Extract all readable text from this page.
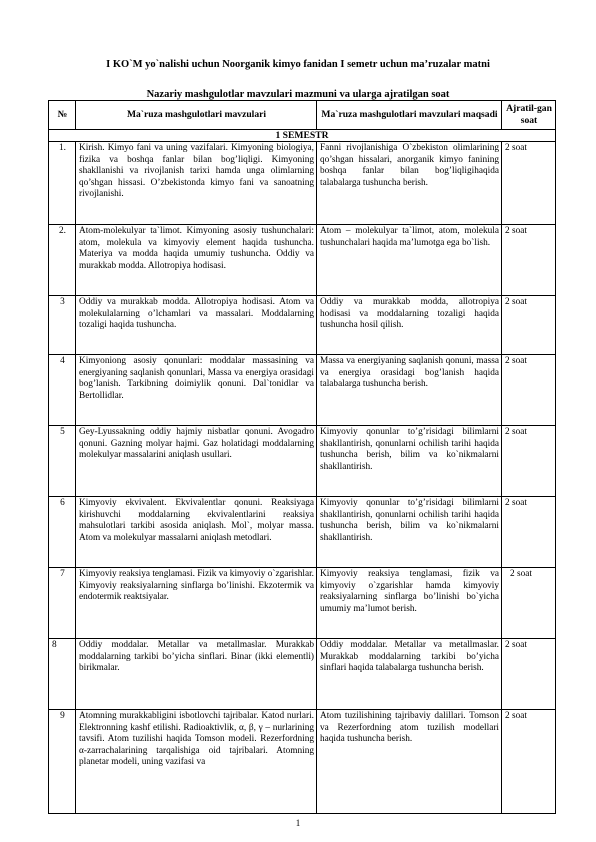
I KO`M yo`nalishi uchun Noorganik kimyo fanidan I semetr uchun ma’ruzalar matni
Nazariy mashgulotlar mavzulari mazmuni va ularga ajratilgan soat
№	Ma`ruza mashgulotlari mavzulari	Ma`ruza mashgulotlari mavzulari maqsadi	Ajratil-gan soat
1 SEMESTR			
1.	Kirish. Kimyo fani va uning vazifalari. Kimyoning biologiya, fizika va boshqa fanlar bilan bog’liqligi. Kimyoning shakllanishi va rivojlanish tarixi hamda unga olimlarning qo’shgan hissasi. O’zbekistonda kimyo fani va sanoatning rivojlanishi.	Fanni rivojlanishiga O`zbekiston olimlarining qo’shgan hissalari, anorganik kimyo fanining boshqa fanlar bilan bog’liqligihaqida talabalarga tushuncha berish.	2 soat
2.	Atom-molekulyar ta`limot. Kimyoning asosiy tushunchalari: atom, molekula va kimyoviy element haqida tushuncha. Materiya va modda haqida umumiy tushuncha. Oddiy va murakkab modda. Allotropiya hodisasi.	Atom – molekulyar ta`limot, atom, molekula tushunchalari haqida ma’lumotga ega bo`lish.	2 soat
3	Oddiy va murakkab modda. Allotropiya hodisasi. Atom va molekulalarning o’lchamlari va massalari. Moddalarning tozaligi haqida tushuncha.	Oddiy va murakkab modda, allotropiya hodisasi va moddalarning tozaligi haqida tushuncha hosil qilish.	2 soat
4	Kimyoniong asosiy qonunlari: moddalar massasining va energiyaning saqlanish qonunlari, Massa va energiya orasidagi bog’lanish. Tarkibning doimiylik qonuni. Dal`tonidlar va Bertollidlar.	Massa va energiyaning saqlanish qonuni, massa va energiya orasidagi bog’lanish haqida talabalarga tushuncha berish.	2 soat
5	Gey-Lyussakning oddiy hajmiy nisbatlar qonuni. Avogadro qonuni. Gazning molyar hajmi. Gaz holatidagi moddalarning molekulyar massalarini aniqlash usullari.	Kimyoviy qonunlar to’g’risidagi bilimlarni shakllantirish, qonunlarni ochilish tarihi haqida tushuncha berish, bilim va ko`nikmalarni shakllantirish.	2 soat
6	Kimyoviy ekvivalent. Ekvivalentlar qonuni. Reaksiyaga kirishuvchi moddalarning ekvivalentlarini reaksiya mahsulotlari tarkibi asosida aniqlash. Mol`, molyar massa. Atom va molekulyar massalarni aniqlash metodlari.	Kimyoviy qonunlar to’g’risidagi bilimlarni shakllantirish, qonunlarni ochilish tarihi haqida tushuncha berish, bilim va ko`nikmalarni shakllantirish.	2 soat
7	Kimyoviy reaksiya tenglamasi. Fizik va kimyoviy o`zgarishlar. Kimyoviy reaksiyalarning sinflarga bo’linishi. Ekzotermik va endotermik reaktsiyalar.	Kimyoviy reaksiya tenglamasi, fizik va kimyoviy o`zgarishlar hamda kimyoviy reaksiyalarning sinflarga bo’linishi bo`yicha umumiy ma’lumot berish.	2 soat
8	Oddiy moddalar. Metallar va metallmaslar. Murakkab moddalarning tarkibi bo’yicha sinflari. Binar (ikki elementli) birikmalar.	Oddiy moddalar. Metallar va metallmaslar. Murakkab moddalarning tarkibi bo’yicha sinflari haqida talabalarga tushuncha berish.	2 soat
9	Atomning murakkabligini isbotlovchi tajribalar. Katod nurlari. Elektronning kashf etilishi. Radioaktivlik, α, β, γ – nurlarining tavsifi. Atom tuzilishi haqida Tomson modeli. Rezerfordning α-zarrachalarining tarqalishiga oid tajribalari. Atomning planetar modeli, uning vazifasi va	Atom tuzilishining tajribaviy dalillari. Tomson va Rezerfordning atom tuzilish modellari haqida tushuncha berish.	2 soat
1
